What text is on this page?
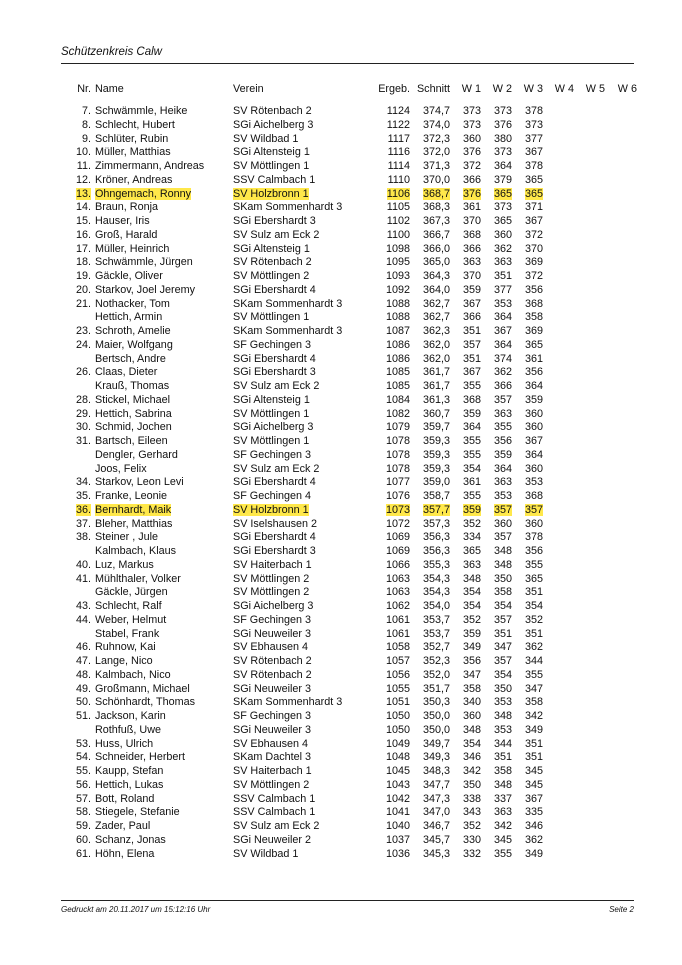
Schützenkreis Calw
Nr.	Name	Verein	Ergeb.	Schnitt	W 1	W 2	W 3	W 4	W 5	W 6
7.	Schwämmle, Heike	SV Rötenbach 2	1124	374,7	373	373	378			
8.	Schlecht, Hubert	SGi Aichelberg 3	1122	374,0	373	376	373			
9.	Schlüter, Rubin	SV Wildbad 1	1117	372,3	360	380	377			
10.	Müller, Matthias	SGi Altensteig 1	1116	372,0	376	373	367			
11.	Zimmermann, Andreas	SV Möttlingen 1	1114	371,3	372	364	378			
12.	Kröner, Andreas	SSV Calmbach 1	1110	370,0	366	379	365			
13.	Ohngemach, Ronny	SV Holzbronn 1	1106	368,7	376	365	365			
14.	Braun, Ronja	SKam Sommenhardt 3	1105	368,3	361	373	371			
15.	Hauser, Iris	SGi Ebershardt 3	1102	367,3	370	365	367			
16.	Groß, Harald	SV Sulz am Eck 2	1100	366,7	368	360	372			
17.	Müller, Heinrich	SGi Altensteig 1	1098	366,0	366	362	370			
18.	Schwämmle, Jürgen	SV Rötenbach 2	1095	365,0	363	363	369			
19.	Gäckle, Oliver	SV Möttlingen 2	1093	364,3	370	351	372			
20.	Starkov, Joel Jeremy	SGi Ebershardt 4	1092	364,0	359	377	356			
21.	Nothacker, Tom	SKam Sommenhardt 3	1088	362,7	367	353	368			
	Hettich, Armin	SV Möttlingen 1	1088	362,7	366	364	358			
23.	Schroth, Amelie	SKam Sommenhardt 3	1087	362,3	351	367	369			
24.	Maier, Wolfgang	SF Gechingen 3	1086	362,0	357	364	365			
	Bertsch, Andre	SGi Ebershardt 4	1086	362,0	351	374	361			
26.	Claas, Dieter	SGi Ebershardt 3	1085	361,7	367	362	356			
	Krauß, Thomas	SV Sulz am Eck 2	1085	361,7	355	366	364			
28.	Stickel, Michael	SGi Altensteig 1	1084	361,3	368	357	359			
29.	Hettich, Sabrina	SV Möttlingen 1	1082	360,7	359	363	360			
30.	Schmid, Jochen	SGi Aichelberg 3	1079	359,7	364	355	360			
31.	Bartsch, Eileen	SV Möttlingen 1	1078	359,3	355	356	367			
	Dengler, Gerhard	SF Gechingen 3	1078	359,3	355	359	364			
	Joos, Felix	SV Sulz am Eck 2	1078	359,3	354	364	360			
34.	Starkov, Leon Levi	SGi Ebershardt 4	1077	359,0	361	363	353			
35.	Franke, Leonie	SF Gechingen 4	1076	358,7	355	353	368			
36.	Bernhardt, Maik	SV Holzbronn 1	1073	357,7	359	357	357			
37.	Bleher, Matthias	SV Iselshausen 2	1072	357,3	352	360	360			
38.	Steiner , Jule	SGi Ebershardt 4	1069	356,3	334	357	378			
	Kalmbach, Klaus	SGi Ebershardt 3	1069	356,3	365	348	356			
40.	Luz, Markus	SV Haiterbach 1	1066	355,3	363	348	355			
41.	Mühlthaler, Volker	SV Möttlingen 2	1063	354,3	348	350	365			
	Gäckle, Jürgen	SV Möttlingen 2	1063	354,3	354	358	351			
43.	Schlecht, Ralf	SGi Aichelberg 3	1062	354,0	354	354	354			
44.	Weber, Helmut	SF Gechingen 3	1061	353,7	352	357	352			
	Stabel, Frank	SGi Neuweiler 3	1061	353,7	359	351	351			
46.	Ruhnow, Kai	SV Ebhausen 4	1058	352,7	349	347	362			
47.	Lange, Nico	SV Rötenbach 2	1057	352,3	356	357	344			
48.	Kalmbach, Nico	SV Rötenbach 2	1056	352,0	347	354	355			
49.	Großmann, Michael	SGi Neuweiler 3	1055	351,7	358	350	347			
50.	Schönhardt, Thomas	SKam Sommenhardt 3	1051	350,3	340	353	358			
51.	Jackson, Karin	SF Gechingen 3	1050	350,0	360	348	342			
	Rothfuß, Uwe	SGi Neuweiler 3	1050	350,0	348	353	349			
53.	Huss, Ulrich	SV Ebhausen 4	1049	349,7	354	344	351			
54.	Schneider, Herbert	SKam Dachtel 3	1048	349,3	346	351	351			
55.	Kaupp, Stefan	SV Haiterbach 1	1045	348,3	342	358	345			
56.	Hettich, Lukas	SV Möttlingen 2	1043	347,7	350	348	345			
57.	Bott, Roland	SSV Calmbach 1	1042	347,3	338	337	367			
58.	Stiegele, Stefanie	SSV Calmbach 1	1041	347,0	343	363	335			
59.	Zader, Paul	SV Sulz am Eck 2	1040	346,7	352	342	346			
60.	Schanz, Jonas	SGi Neuweiler 2	1037	345,7	330	345	362			
61.	Höhn, Elena	SV Wildbad 1	1036	345,3	332	355	349			
Gedruckt am 20.11.2017 um 15:12:16 Uhr	Seite 2
